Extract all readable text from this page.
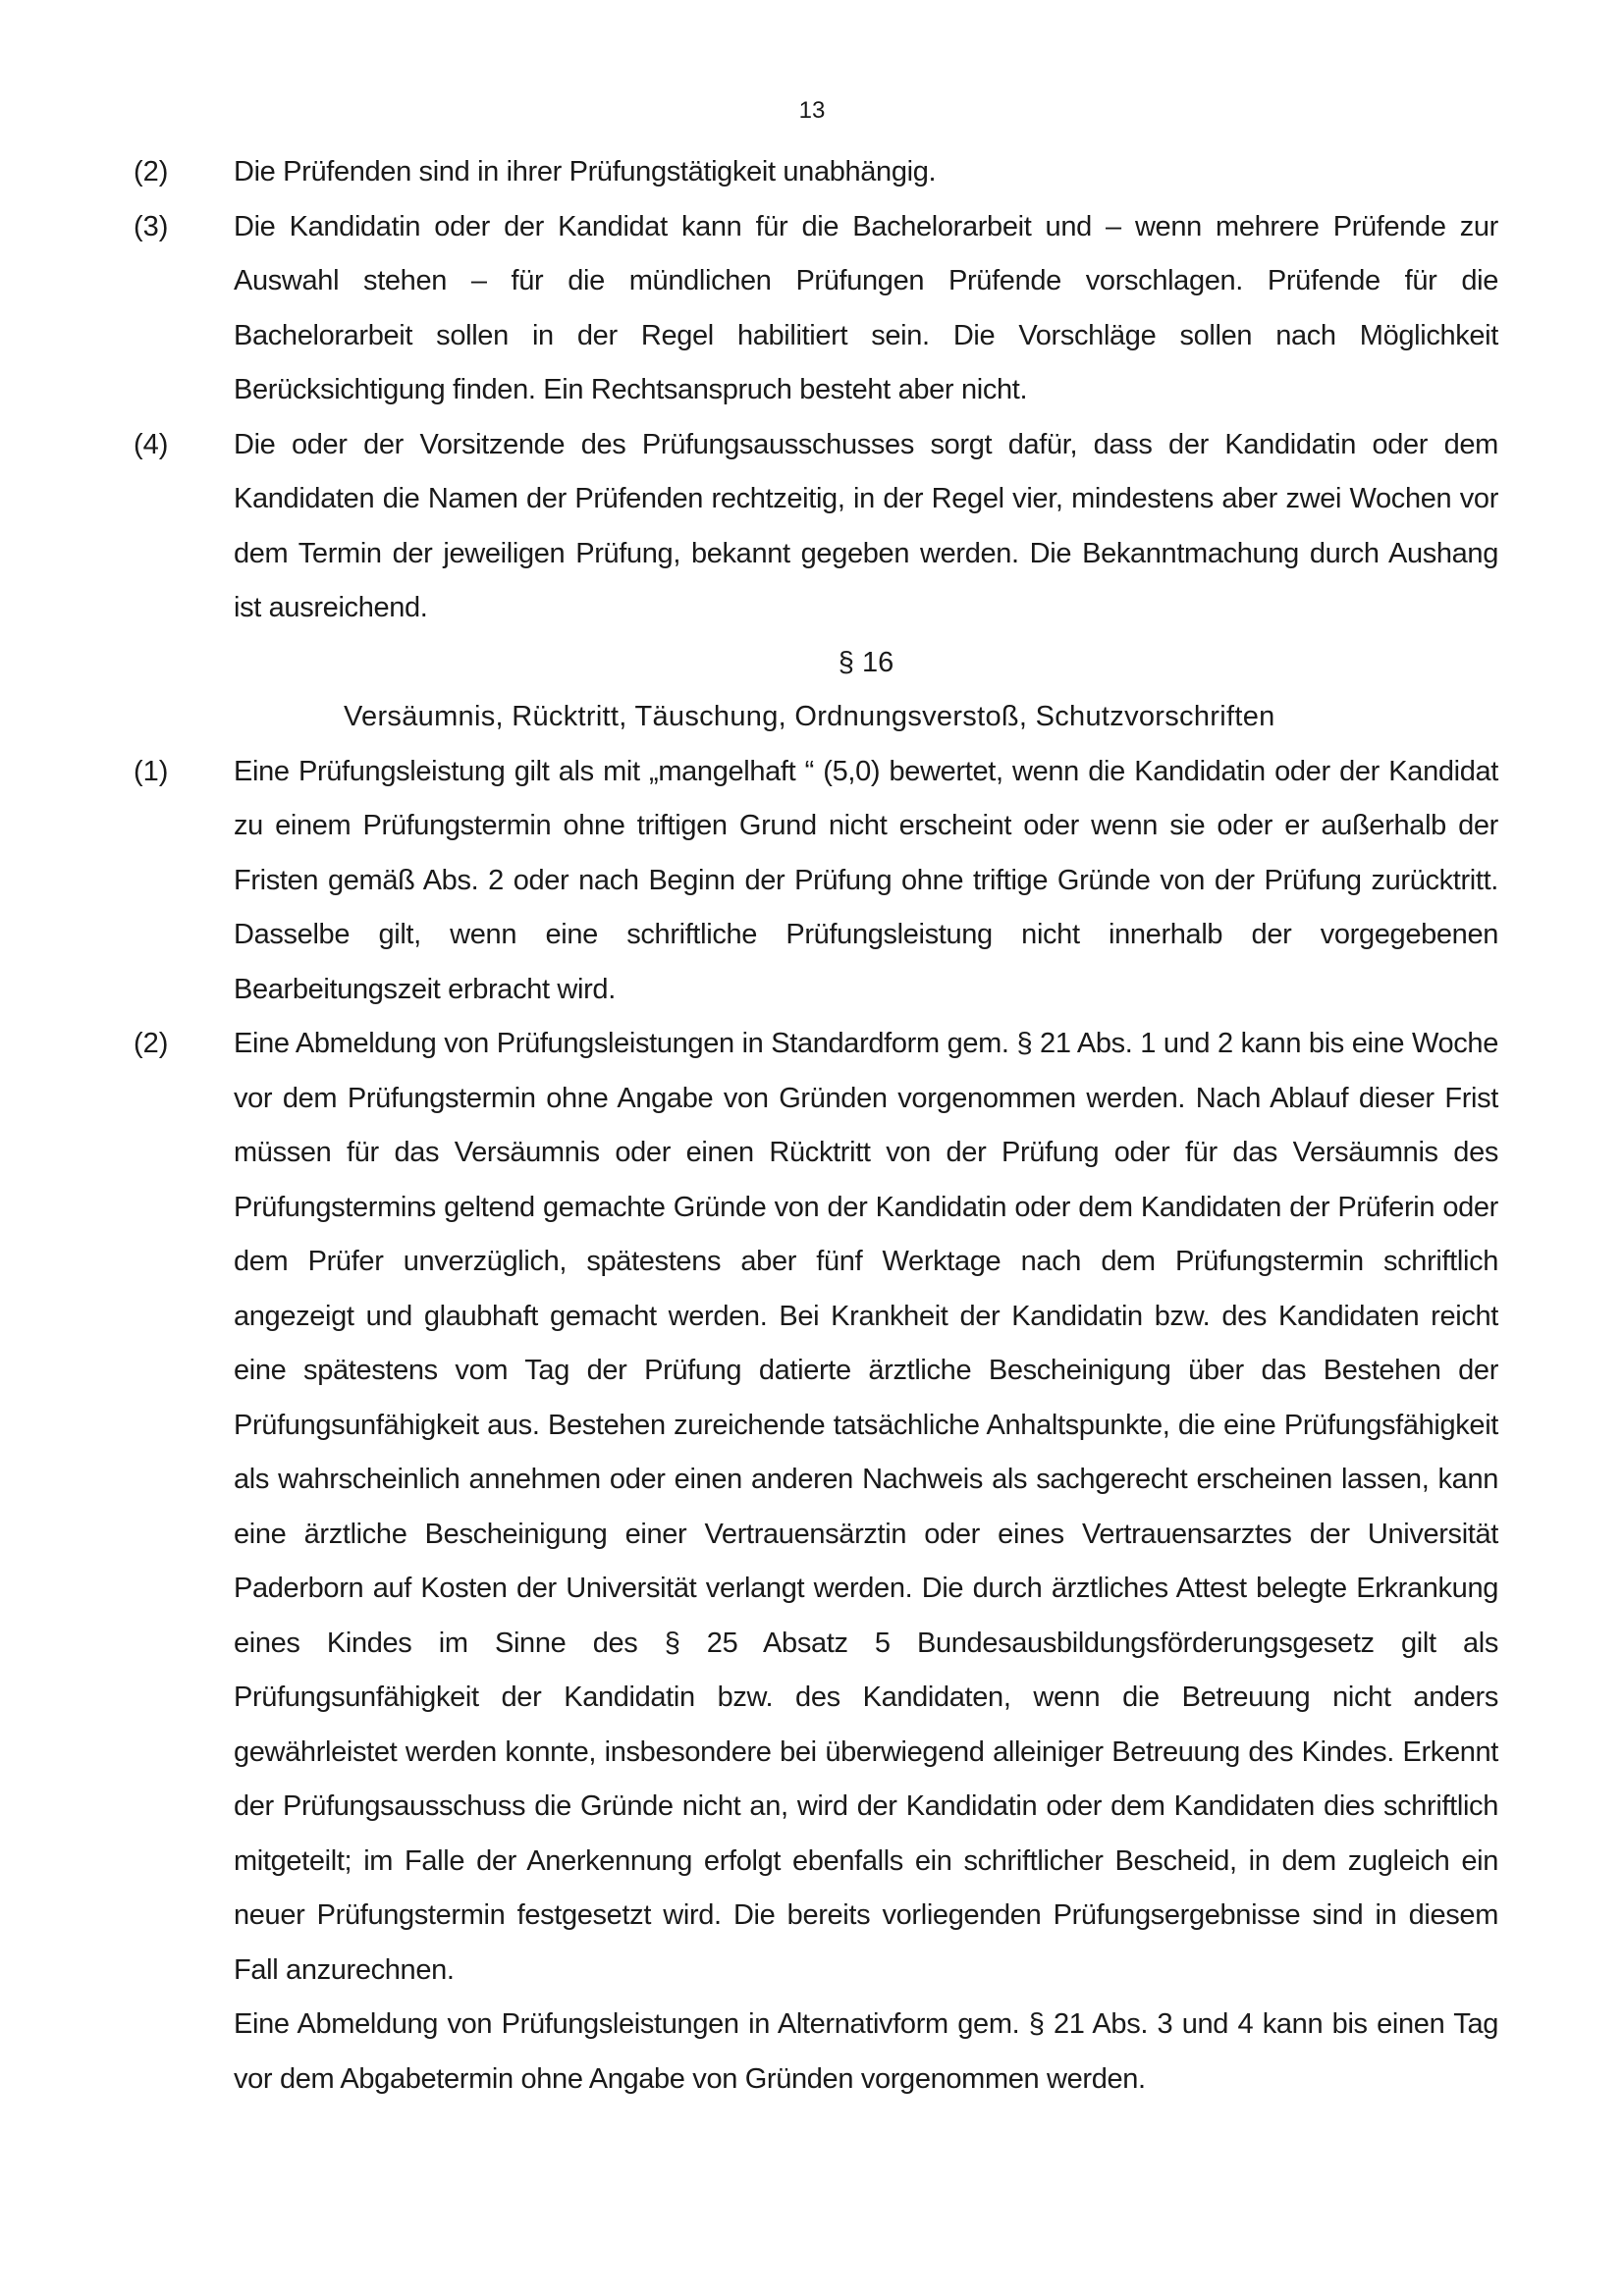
13
(2)	Die Prüfenden sind in ihrer Prüfungstätigkeit unabhängig.
(3)	Die Kandidatin oder der Kandidat kann für die Bachelorarbeit und – wenn mehrere Prüfende zur Auswahl stehen – für die mündlichen Prüfungen Prüfende vorschlagen. Prüfende für die Bachelorarbeit sollen in der Regel habilitiert sein. Die Vorschläge sollen nach Möglichkeit Berücksichtigung finden. Ein Rechtsanspruch besteht aber nicht.
(4)	Die oder der Vorsitzende des Prüfungsausschusses sorgt dafür, dass der Kandidatin oder dem Kandidaten die Namen der Prüfenden rechtzeitig, in der Regel vier, mindestens aber zwei Wochen vor dem Termin der jeweiligen Prüfung, bekannt gegeben werden. Die Bekanntmachung durch Aushang ist ausreichend.
§ 16
Versäumnis, Rücktritt, Täuschung, Ordnungsverstoß, Schutzvorschriften
(1)	Eine Prüfungsleistung gilt als mit „mangelhaft “ (5,0) bewertet, wenn die Kandidatin oder der Kandidat zu einem Prüfungstermin ohne triftigen Grund nicht erscheint oder wenn sie oder er außerhalb der Fristen gemäß Abs. 2 oder nach Beginn der Prüfung ohne triftige Gründe von der Prüfung zurücktritt. Dasselbe gilt, wenn eine schriftliche Prüfungsleistung nicht innerhalb der vorgegebenen Bearbeitungszeit erbracht wird.
(2)	Eine Abmeldung von Prüfungsleistungen in Standardform gem. § 21 Abs. 1 und 2 kann bis eine Woche vor dem Prüfungstermin ohne Angabe von Gründen vorgenommen werden. Nach Ablauf dieser Frist müssen für das Versäumnis oder einen Rücktritt von der Prüfung oder für das Versäumnis des Prüfungstermins geltend gemachte Gründe von der Kandidatin oder dem Kandidaten der Prüferin oder dem Prüfer unverzüglich, spätestens aber fünf Werktage nach dem Prüfungstermin schriftlich angezeigt und glaubhaft gemacht werden. Bei Krankheit der Kandidatin bzw. des Kandidaten reicht eine spätestens vom Tag der Prüfung datierte ärztliche Bescheinigung über das Bestehen der Prüfungsunfähigkeit aus. Bestehen zureichende tatsächliche Anhaltspunkte, die eine Prüfungsfähigkeit als wahrscheinlich annehmen oder einen anderen Nachweis als sachgerecht erscheinen lassen, kann eine ärztliche Bescheinigung einer Vertrauensärztin oder eines Vertrauensarztes der Universität Paderborn auf Kosten der Universität verlangt werden. Die durch ärztliches Attest belegte Erkrankung eines Kindes im Sinne des § 25 Absatz 5 Bundesausbildungsförderungsgesetz gilt als Prüfungsunfähigkeit der Kandidatin bzw. des Kandidaten, wenn die Betreuung nicht anders gewährleistet werden konnte, insbesondere bei überwiegend alleiniger Betreuung des Kindes. Erkennt der Prüfungsausschuss die Gründe nicht an, wird der Kandidatin oder dem Kandidaten dies schriftlich mitgeteilt; im Falle der Anerkennung erfolgt ebenfalls ein schriftlicher Bescheid, in dem zugleich ein neuer Prüfungstermin festgesetzt wird. Die bereits vorliegenden Prüfungsergebnisse sind in diesem Fall anzurechnen.
Eine Abmeldung von Prüfungsleistungen in Alternativform gem. § 21 Abs. 3 und 4 kann bis einen Tag vor dem Abgabetermin ohne Angabe von Gründen vorgenommen werden.
